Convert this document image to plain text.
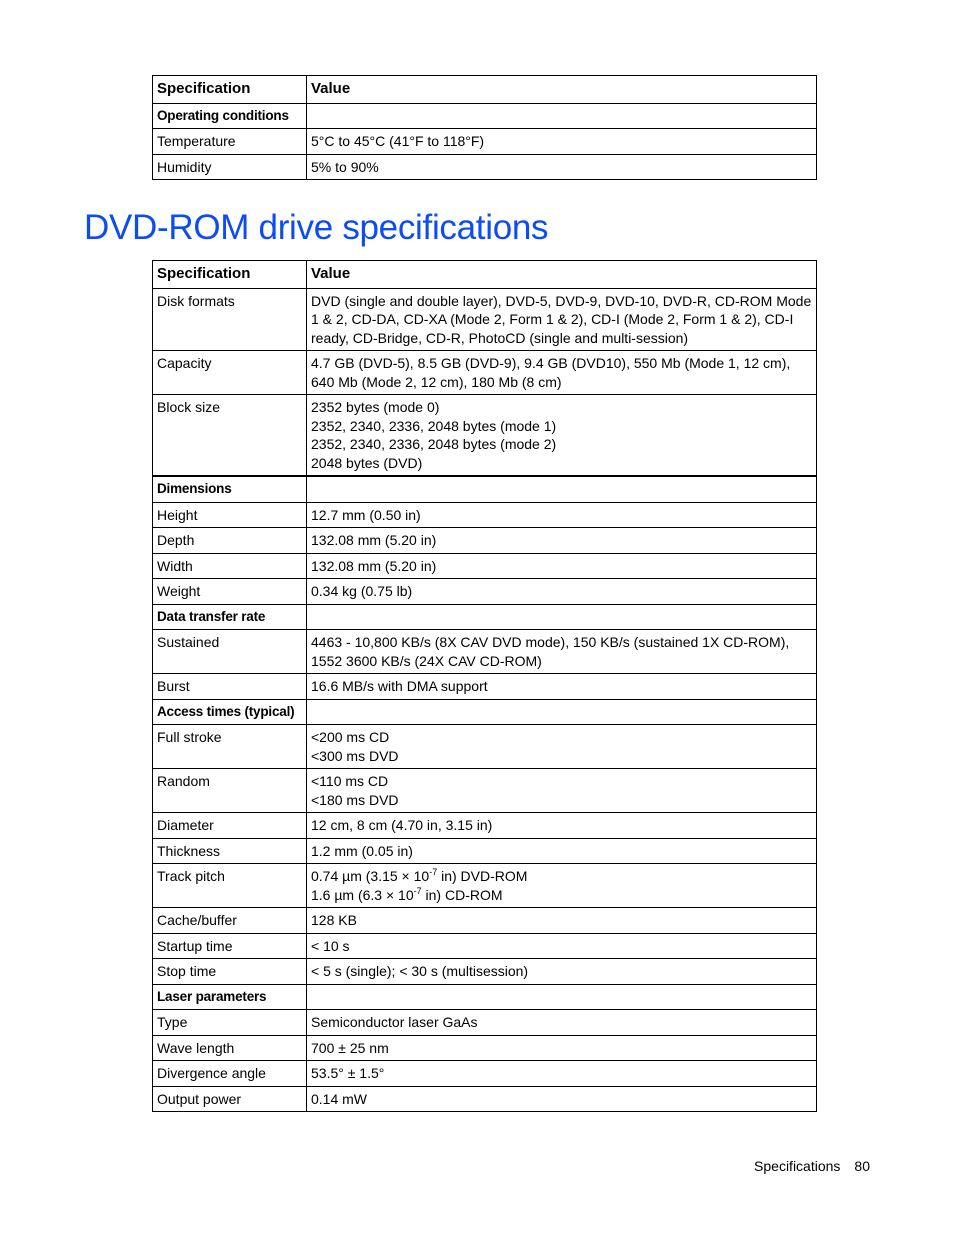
Specification	Value
Operating conditions	
Temperature	5°C to 45°C (41°F to 118°F)
Humidity	5% to 90%
DVD-ROM drive specifications
Specification	Value
Disk formats	DVD (single and double layer), DVD-5, DVD-9, DVD-10, DVD-R, CD-ROM Mode 1 & 2, CD-DA, CD-XA (Mode 2, Form 1 & 2), CD-I (Mode 2, Form 1 & 2), CD-I ready, CD-Bridge, CD-R, PhotoCD (single and multi-session)
Capacity	4.7 GB (DVD-5), 8.5 GB (DVD-9), 9.4 GB (DVD10), 550 Mb (Mode 1, 12 cm), 640 Mb (Mode 2, 12 cm), 180 Mb (8 cm)
Block size	2352 bytes (mode 0)
2352, 2340, 2336, 2048 bytes (mode 1)
2352, 2340, 2336, 2048 bytes (mode 2)
2048 bytes (DVD)

Dimensions	
Height	12.7 mm (0.50 in)
Depth	132.08 mm (5.20 in)
Width	132.08 mm (5.20 in)
Weight	0.34 kg (0.75 lb)
Data transfer rate	
Sustained	4463 - 10,800 KB/s (8X CAV DVD mode), 150 KB/s (sustained 1X CD-ROM), 1552 3600 KB/s (24X CAV CD-ROM)
Burst	16.6 MB/s with DMA support
Access times (typical)	
Full stroke	<200 ms CD
<300 ms DVD

Random	<110 ms CD
<180 ms DVD

Diameter	12 cm, 8 cm (4.70 in, 3.15 in)
Thickness	1.2 mm (0.05 in)
Track pitch	0.74 µm ($3.15 \times 10^{-7}$ in) DVD-ROM
1.6 µm ($6.3 \times 10^{-7}$ in) CD-ROM

Cache/buffer	128 KB
Startup time	< 10 s
Stop time	< 5 s (single); < 30 s (multisession)
Laser parameters	
Type	Semiconductor laser GaAs
Wave length	700 ± 25 nm
Divergence angle	53.5° ± 1.5°
Output power	0.14 mW
Specifications 80
